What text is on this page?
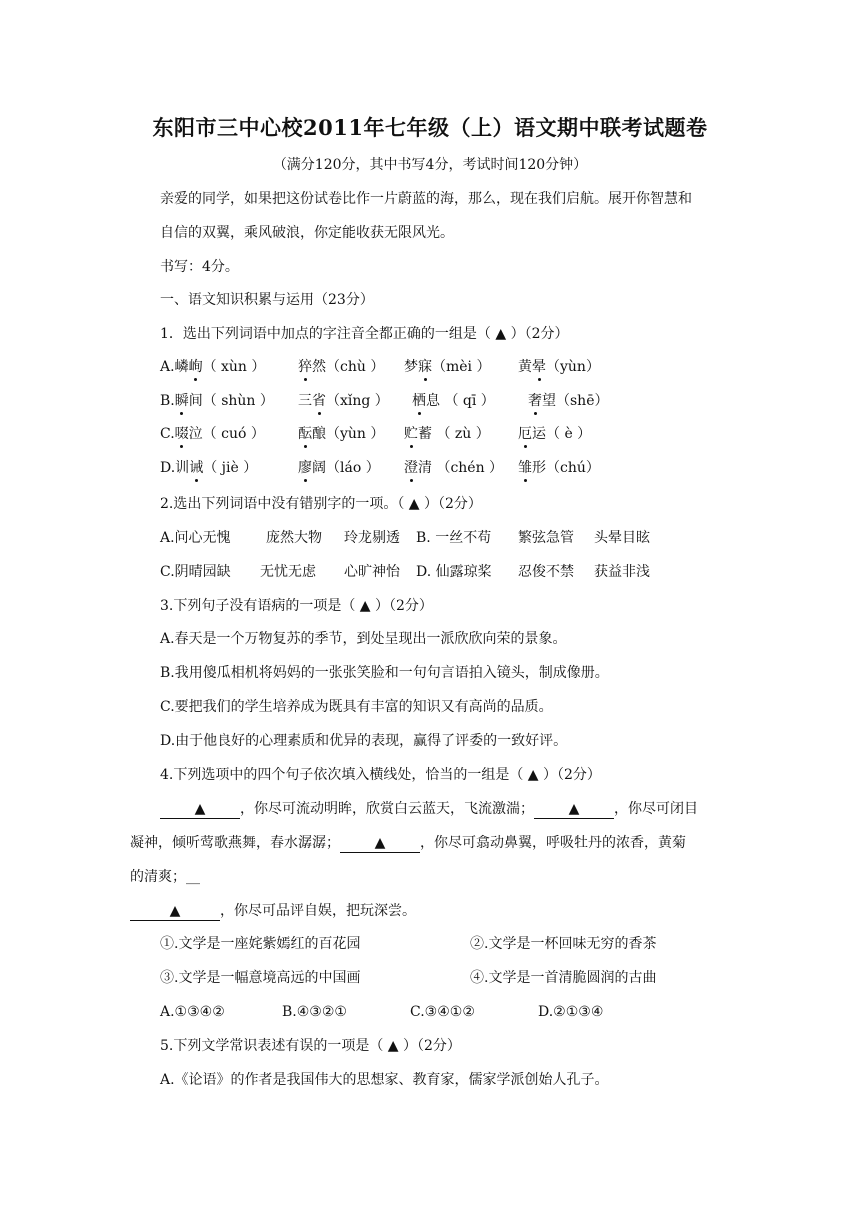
东阳市三中心校2011年七年级（上）语文期中联考试题卷
（满分120分，其中书写4分，考试时间120分钟）
亲爱的同学，如果把这份试卷比作一片蔚蓝的海，那么，现在我们启航。展开你智慧和
自信的双翼，乘风破浪，你定能收获无限风光。
书写：4分。
一、语文知识积累与运用（23分）
1．选出下列词语中加点的字注音全都正确的一组是（ ▲ ）（2分）
A.嶙峋（ xùn ） 猝然（chù ） 梦寐（mèi ） 黄晕（yùn）
B.瞬间（ shùn ） 三省（xǐng ） 栖息 （ qī ） 奢望（shē）
C.啜泣（ cuó ） 酝酿（yùn ） 贮蓄 （ zù ） 厄运（ è ）
D.训诫（ jiè ）	廖阔（láo ） 澄清 （chén ） 雏形（chú）
2.选出下列词语中没有错别字的一项。（ ▲ ）（2分）
A.问心无愧	庞然大物 玲龙剔透 B. 一丝不苟 繁弦急管 头晕目眩
C.阴晴园缺 无忧无虑 心旷神怡 D. 仙露琼桨 忍俊不禁 获益非浅
3.下列句子没有语病的一项是（ ▲ ）（2分）
A.春天是一个万物复苏的季节，到处呈现出一派欣欣向荣的景象。
B.我用傻瓜相机将妈妈的一张张笑脸和一句句言语拍入镜头，制成像册。
C.要把我们的学生培养成为既具有丰富的知识又有高尚的品质。
D.由于他良好的心理素质和优异的表现，赢得了评委的一致好评。
4.下列选项中的四个句子依次填入横线处，恰当的一组是（ ▲ ）（2分）
▲ ，你尽可流动明眸，欣赏白云蓝天，飞流激湍； ▲ ，你尽可闭目
凝神，倾听莺歌燕舞，春水潺潺； ▲ ，你尽可翕动鼻翼，呼吸牡丹的浓香，黄菊
的清爽；__
▲	，你尽可品评自娱，把玩深尝。
①.文学是一座姹紫嫣红的百花园	②.文学是一杯回味无穷的香茶
③.文学是一幅意境高远的中国画	④.文学是一首清脆圆润的古曲
A.①③④②	B.④③②①	C.③④①②	D.②①③④
5.下列文学常识表述有误的一项是（ ▲ ）（2分）
A.《论语》的作者是我国伟大的思想家、教育家，儒家学派创始人孔子。
